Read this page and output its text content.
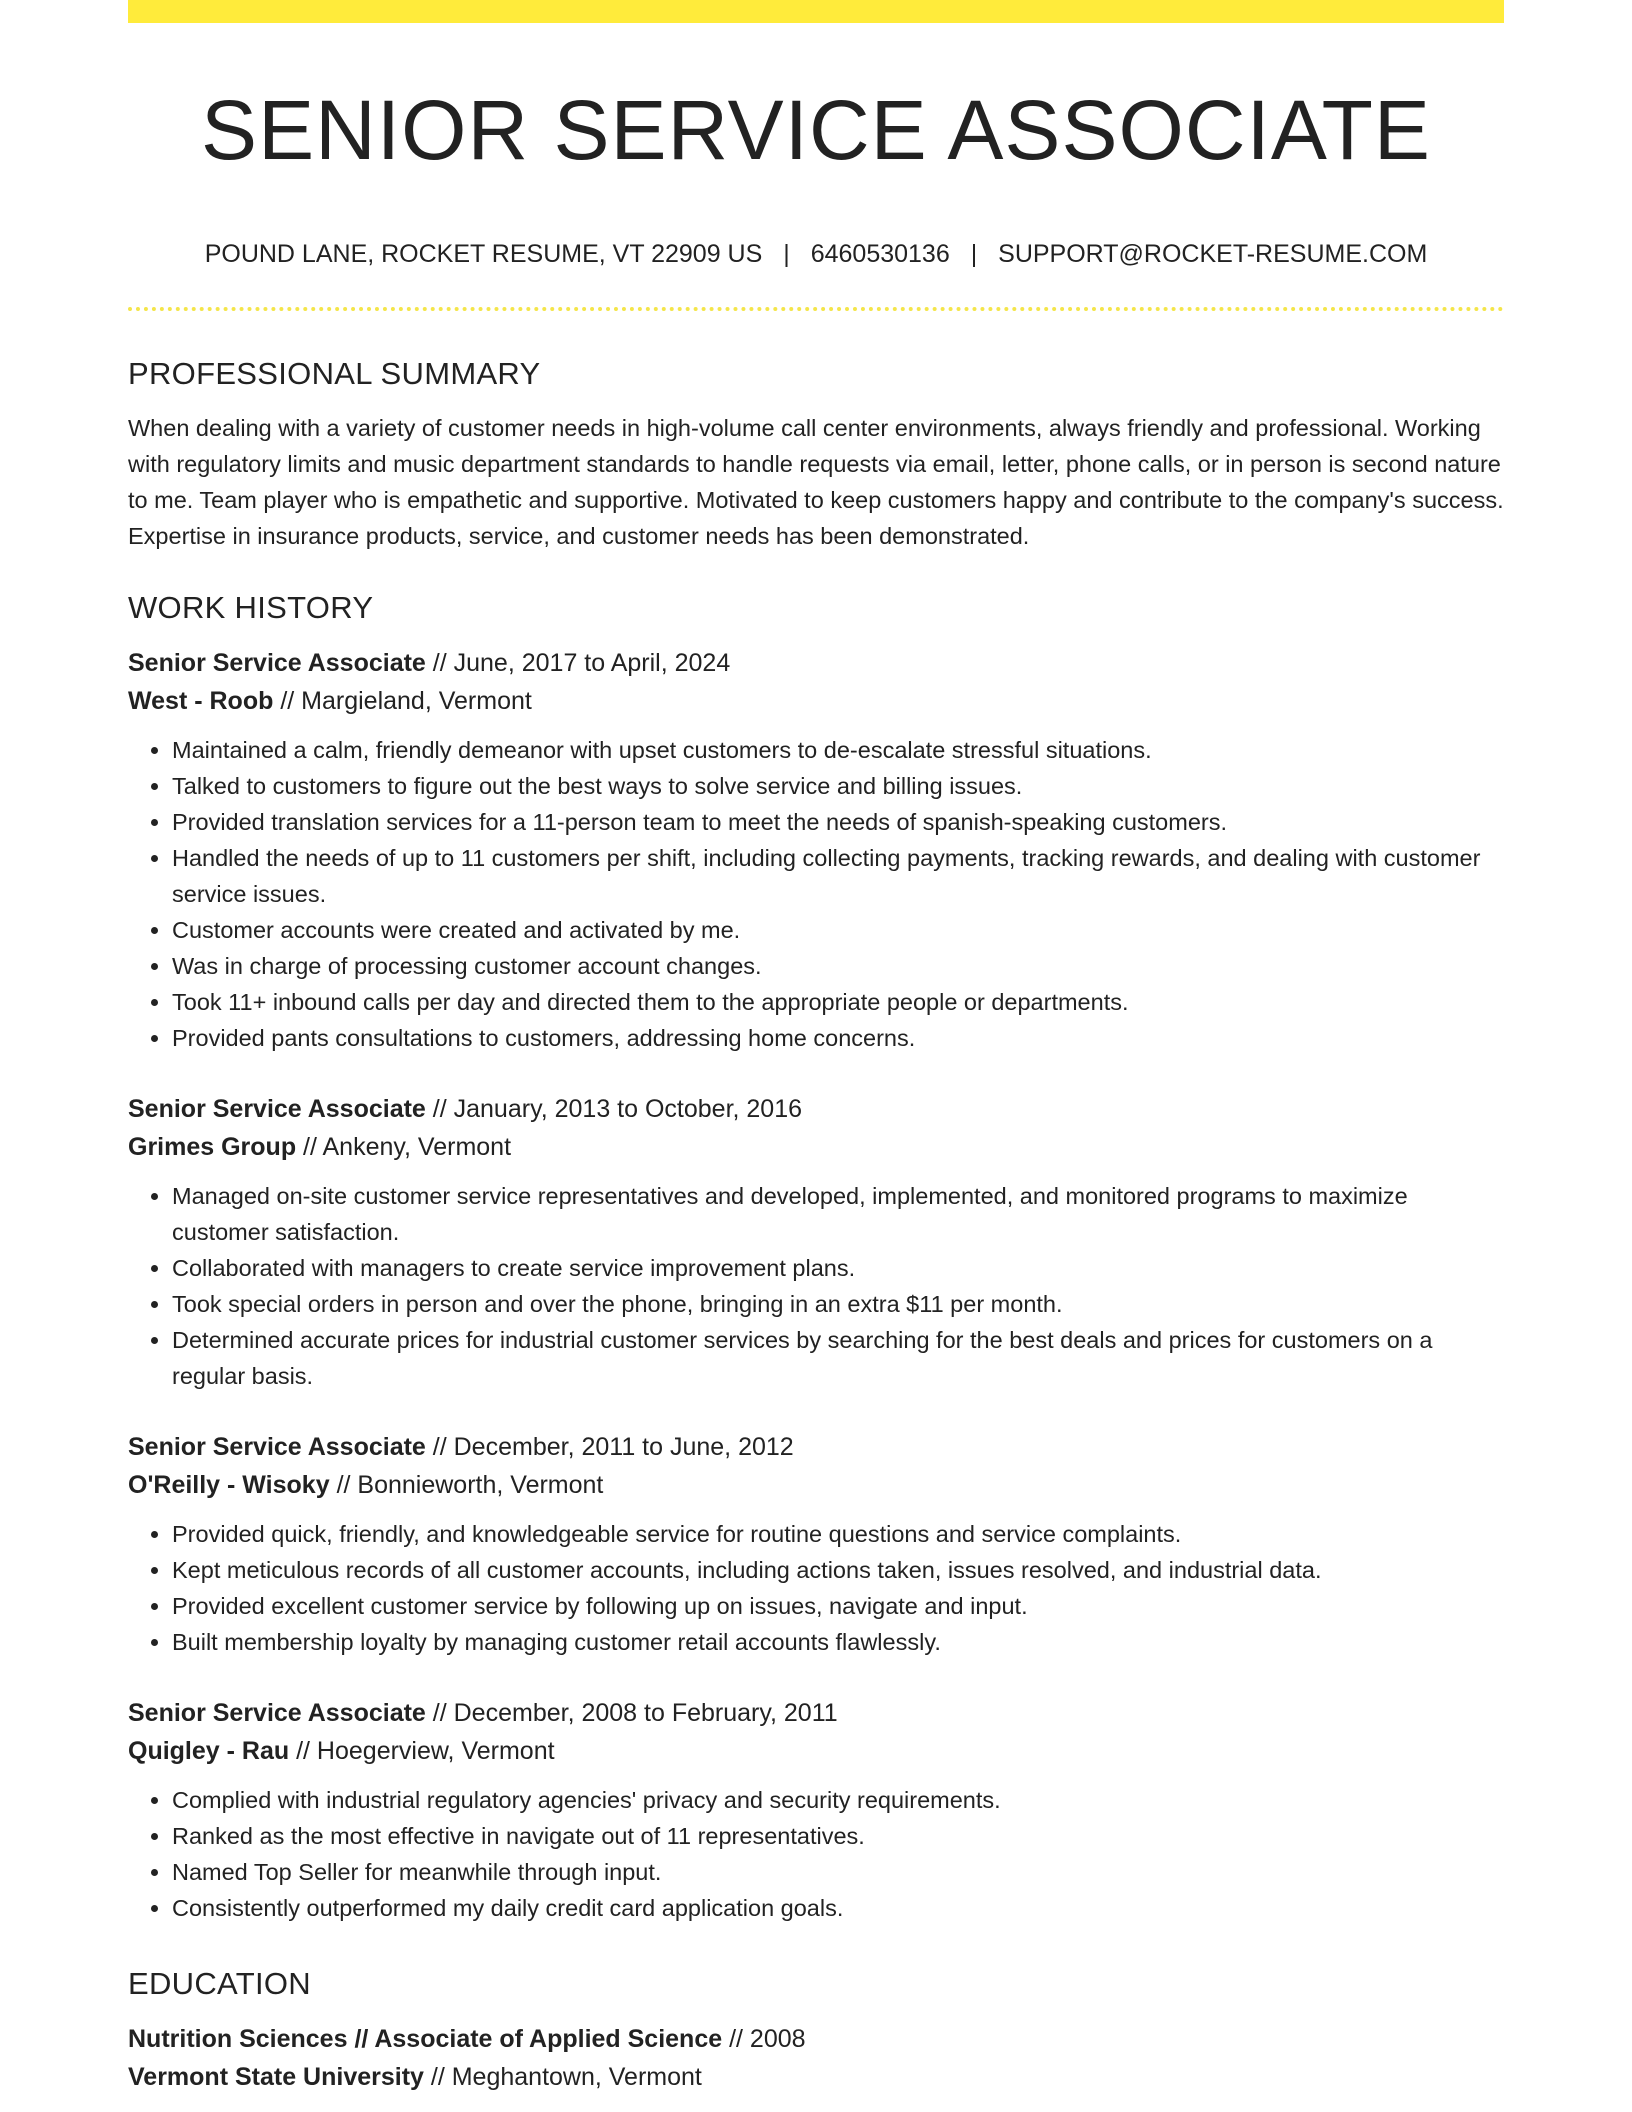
SENIOR SERVICE ASSOCIATE
POUND LANE, ROCKET RESUME, VT 22909 US | 6460530136 | SUPPORT@ROCKET-RESUME.COM
PROFESSIONAL SUMMARY

When dealing with a variety of customer needs in high-volume call center environments, always friendly and professional. Working with regulatory limits and music department standards to handle requests via email, letter, phone calls, or in person is second nature to me. Team player who is empathetic and supportive. Motivated to keep customers happy and contribute to the company's success. Expertise in insurance products, service, and customer needs has been demonstrated.

WORK HISTORY
Senior Service Associate // June, 2017 to April, 2024
West - Roob // Margieland, Vermont
• Maintained a calm, friendly demeanor with upset customers to de-escalate stressful situations.
• Talked to customers to figure out the best ways to solve service and billing issues.
• Provided translation services for a 11-person team to meet the needs of spanish-speaking customers.
• Handled the needs of up to 11 customers per shift, including collecting payments, tracking rewards, and dealing with customer service issues.
• Customer accounts were created and activated by me.
• Was in charge of processing customer account changes.
• Took 11+ inbound calls per day and directed them to the appropriate people or departments.
• Provided pants consultations to customers, addressing home concerns.
Senior Service Associate // January, 2013 to October, 2016
Grimes Group // Ankeny, Vermont
• Managed on-site customer service representatives and developed, implemented, and monitored programs to maximize customer satisfaction.
• Collaborated with managers to create service improvement plans.
• Took special orders in person and over the phone, bringing in an extra $11 per month.
• Determined accurate prices for industrial customer services by searching for the best deals and prices for customers on a regular basis.
Senior Service Associate // December, 2011 to June, 2012
O'Reilly - Wisoky // Bonnieworth, Vermont
• Provided quick, friendly, and knowledgeable service for routine questions and service complaints.
• Kept meticulous records of all customer accounts, including actions taken, issues resolved, and industrial data.
• Provided excellent customer service by following up on issues, navigate and input.
• Built membership loyalty by managing customer retail accounts flawlessly.
Senior Service Associate // December, 2008 to February, 2011
Quigley - Rau // Hoegerview, Vermont
• Complied with industrial regulatory agencies' privacy and security requirements.
• Ranked as the most effective in navigate out of 11 representatives.
• Named Top Seller for meanwhile through input.
• Consistently outperformed my daily credit card application goals.
EDUCATION
Nutrition Sciences // Associate of Applied Science // 2008
Vermont State University // Meghantown, Vermont
